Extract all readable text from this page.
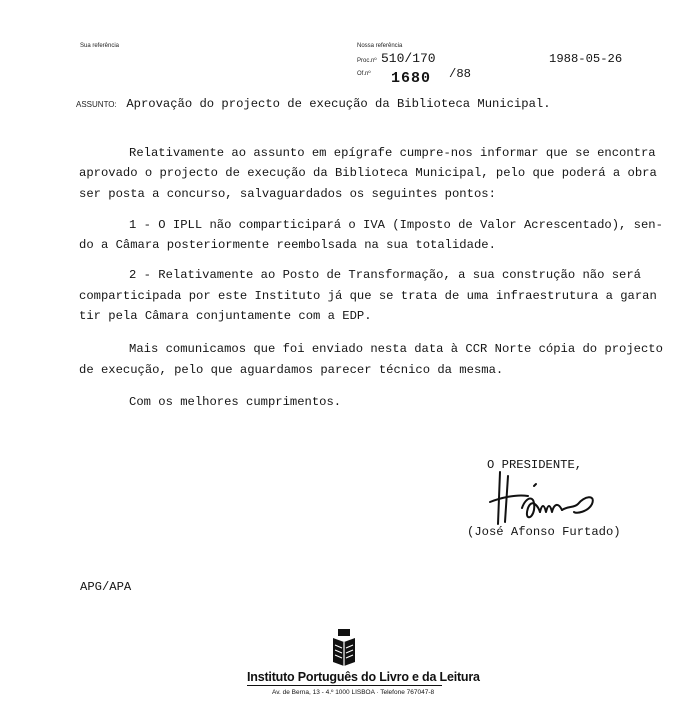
Sua referência	Nossa referência
Proc.nº 510/170
Of.nº 1680 /88
1988-05-26
ASSUNTO: Aprovação do projecto de execução da Biblioteca Municipal.
Relativamente ao assunto em epígrafe cumpre-nos informar que se encontra
aprovado o projecto de execução da Biblioteca Municipal, pelo que poderá a obra
ser posta a concurso, salvaguardados os seguintes pontos:
1 - O IPLL não comparticipará o IVA (Imposto de Valor Acrescentado), sen-
do a Câmara posteriormente reembolsada na sua totalidade.
2 - Relativamente ao Posto de Transformação, a sua construção não será
comparticipada por este Instituto já que se trata de uma infraestrutura a garan
tir pela Câmara conjuntamente com a EDP.
Mais comunicamos que foi enviado nesta data à CCR Norte cópia do projecto
de execução, pelo que aguardamos parecer técnico da mesma.
Com os melhores cumprimentos.
O PRESIDENTE,
(José Afonso Furtado)
APG/APA
Instituto Português do Livro e da Leitura
Av. de Berna, 13 - 4.º 1000 LISBOA · Telefone 767047-8
